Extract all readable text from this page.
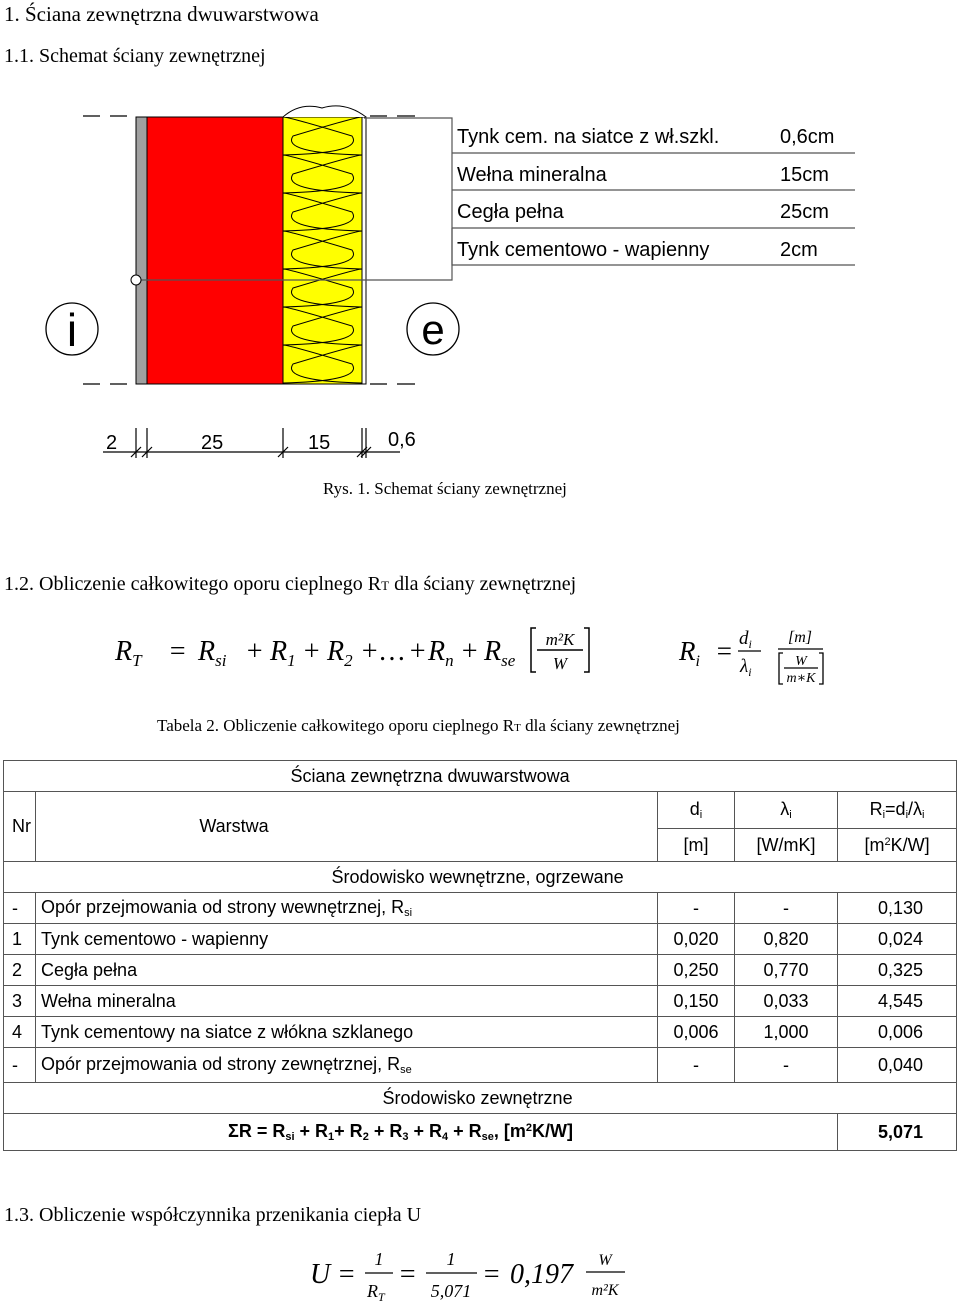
1. Ściana zewnętrzna dwuwarstwowa
1.1. Schemat ściany zewnętrznej
Tynk cem. na siatce z wł.szkl.	0,6cm
Wełna mineralna	15cm
Cegła pełna	25cm
Tynk cementowo - wapienny	2cm
i	e
2	25	15	0,6
Rys. 1. Schemat ściany zewnętrznej
1.2. Obliczenie całkowitego oporu cieplnego RT dla ściany zewnętrznej
$R_T = R_{si} + R_1 + R_2$ + … + $R_n + R_{se}$
m²K
W	$R_i = d_i$
$\lambda_i$
[m]
W
m∗K
Tabela 2. Obliczenie całkowitego oporu cieplnego RT dla ściany zewnętrznej
Ściana zewnętrzna dwuwarstwowa				
Nr	Warstwa	$d_i$	$\lambda_i$	$R_i=d_i/\lambda_i$
		[m]	[W/mK]	$[m^2K/W]$
Środowisko wewnętrzne, ogrzewane				
-	Opór przejmowania od strony wewnętrznej, $R_{si}$	-	-	0,130
1	Tynk cementowo - wapienny	0,020	0,820	0,024
2	Cegła pełna	0,250	0,770	0,325
3	Wełna mineralna	0,150	0,033	4,545
4	Tynk cementowy na siatce z włókna szklanego	0,006	1,000	0,006
-	Opór przejmowania od strony zewnętrznej, $R_{se}$	-	-	0,040
Środowisko zewnętrzne				
$\Sigma R = R_{si} + R_1+ R_2 + R_3 + R_4 + R_{se}$, $[m^2K/W]$				5,071
1.3. Obliczenie współczynnika przenikania ciepła U
U = 1
$R_T$
= 1
5,071
= 0,197 W
m²K
